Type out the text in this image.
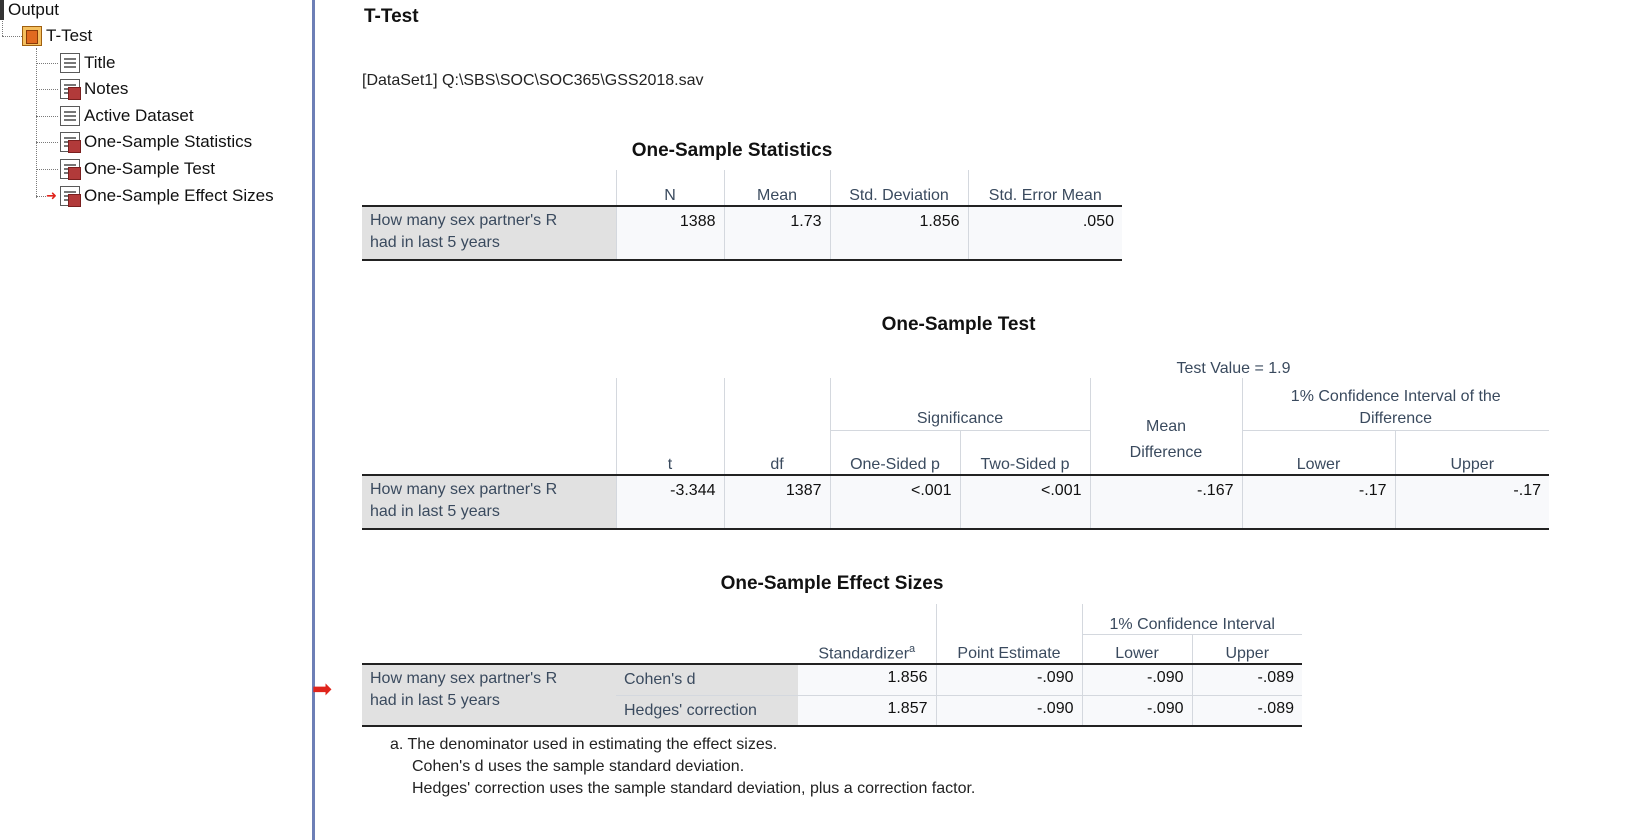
Output
T-Test
Title
Notes
Active Dataset
One-Sample Statistics
One-Sample Test
➜ One-Sample Effect Sizes
T-Test
[DataSet1] Q:\SBS\SOC\SOC365\GSS2018.sav
One-Sample Statistics
	N	Mean	Std. Deviation	Std. Error Mean

How many sex partner's R
had in last 5 years	1388	1.73	1.856	.050
One-Sample Test
	Test Value = 1.9						
			Significance			1% Confidence Interval of the
Difference	

	t	df	One-Sided p	Two-Sided p	Mean
Difference	Lower	Upper

How many sex partner's R
had in last 5 years	-3.344	1387	<.001	<.001	-.167	-.17	-.17
➡
One-Sample Effect Sizes
				1% Confidence Interval	
		Standardizer$^a$	Point Estimate	Lower	Upper

How many sex partner's R
had in last 5 years	Cohen's d	1.856	-.090	-.090	-.089
	Hedges' correction	1.857	-.090	-.090	-.089
a. The denominator used in estimating the effect sizes.
Cohen's d uses the sample standard deviation.
Hedges' correction uses the sample standard deviation, plus a correction factor.
